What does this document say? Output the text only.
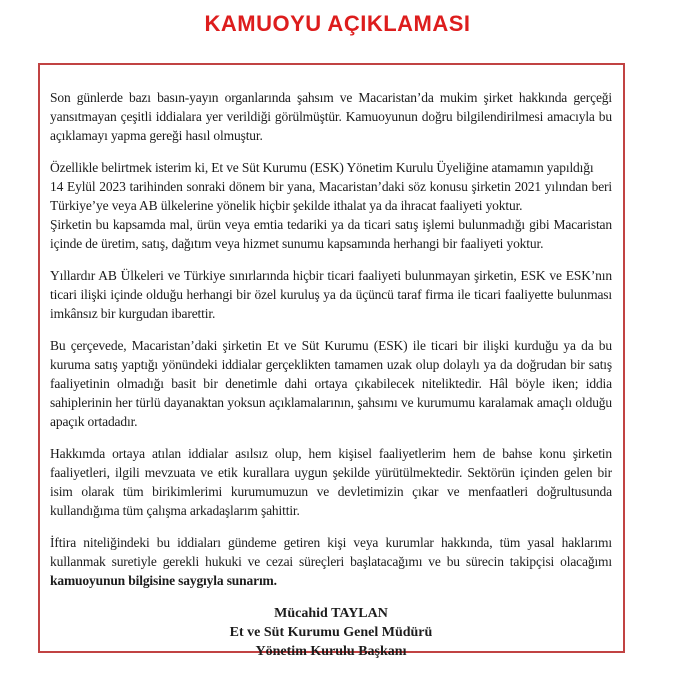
KAMUOYU AÇIKLAMASI

Son günlerde bazı basın-yayın organlarında şahsım ve Macaristan’da mukim şirket hakkında gerçeği yansıtmayan çeşitli iddialara yer verildiği görülmüştür. Kamuoyunun doğru bilgilendirilmesi amacıyla bu açıklamayı yapma gereği hasıl olmuştur.

Özellikle belirtmek isterim ki, Et ve Süt Kurumu (ESK) Yönetim Kurulu Üyeliğine atamamın yapıldığı
14 Eylül 2023 tarihinden sonraki dönem bir yana, Macaristan’daki söz konusu şirketin 2021 yılından beri Türkiye’ye veya AB ülkelerine yönelik hiçbir şekilde ithalat ya da ihracat faaliyeti yoktur.

Şirketin bu kapsamda mal, ürün veya emtia tedariki ya da ticari satış işlemi bulunmadığı gibi Macaristan içinde de üretim, satış, dağıtım veya hizmet sunumu kapsamında herhangi bir faaliyeti yoktur.

Yıllardır AB Ülkeleri ve Türkiye sınırlarında hiçbir ticari faaliyeti bulunmayan şirketin, ESK ve ESK’nın ticari ilişki içinde olduğu herhangi bir özel kuruluş ya da üçüncü taraf firma ile ticari faaliyette bulunması imkânsız bir kurgudan ibarettir.

Bu çerçevede, Macaristan’daki şirketin Et ve Süt Kurumu (ESK) ile ticari bir ilişki kurduğu ya da bu kuruma satış yaptığı yönündeki iddialar gerçeklikten tamamen uzak olup dolaylı ya da doğrudan bir satış faaliyetinin olmadığı basit bir denetimle dahi ortaya çıkabilecek niteliktedir. Hâl böyle iken; iddia sahiplerinin her türlü dayanaktan yoksun açıklamalarının, şahsımı ve kurumumu karalamak amaçlı olduğu apaçık ortadadır.

Hakkımda ortaya atılan iddialar asılsız olup, hem kişisel faaliyetlerim hem de bahse konu şirketin faaliyetleri, ilgili mevzuata ve etik kurallara uygun şekilde yürütülmektedir. Sektörün içinden gelen bir isim olarak tüm birikimlerimi kurumumuzun ve devletimizin çıkar ve menfaatleri doğrultusunda kullandığıma tüm çalışma arkadaşlarım şahittir.

İftira niteliğindeki bu iddiaları gündeme getiren kişi veya kurumlar hakkında, tüm yasal haklarımı kullanmak suretiyle gerekli hukuki ve cezai süreçleri başlatacağımı ve bu sürecin takipçisi olacağımı kamuoyunun bilgisine saygıyla sunarım.

Mücahid TAYLAN
Et ve Süt Kurumu Genel Müdürü
Yönetim Kurulu Başkanı
